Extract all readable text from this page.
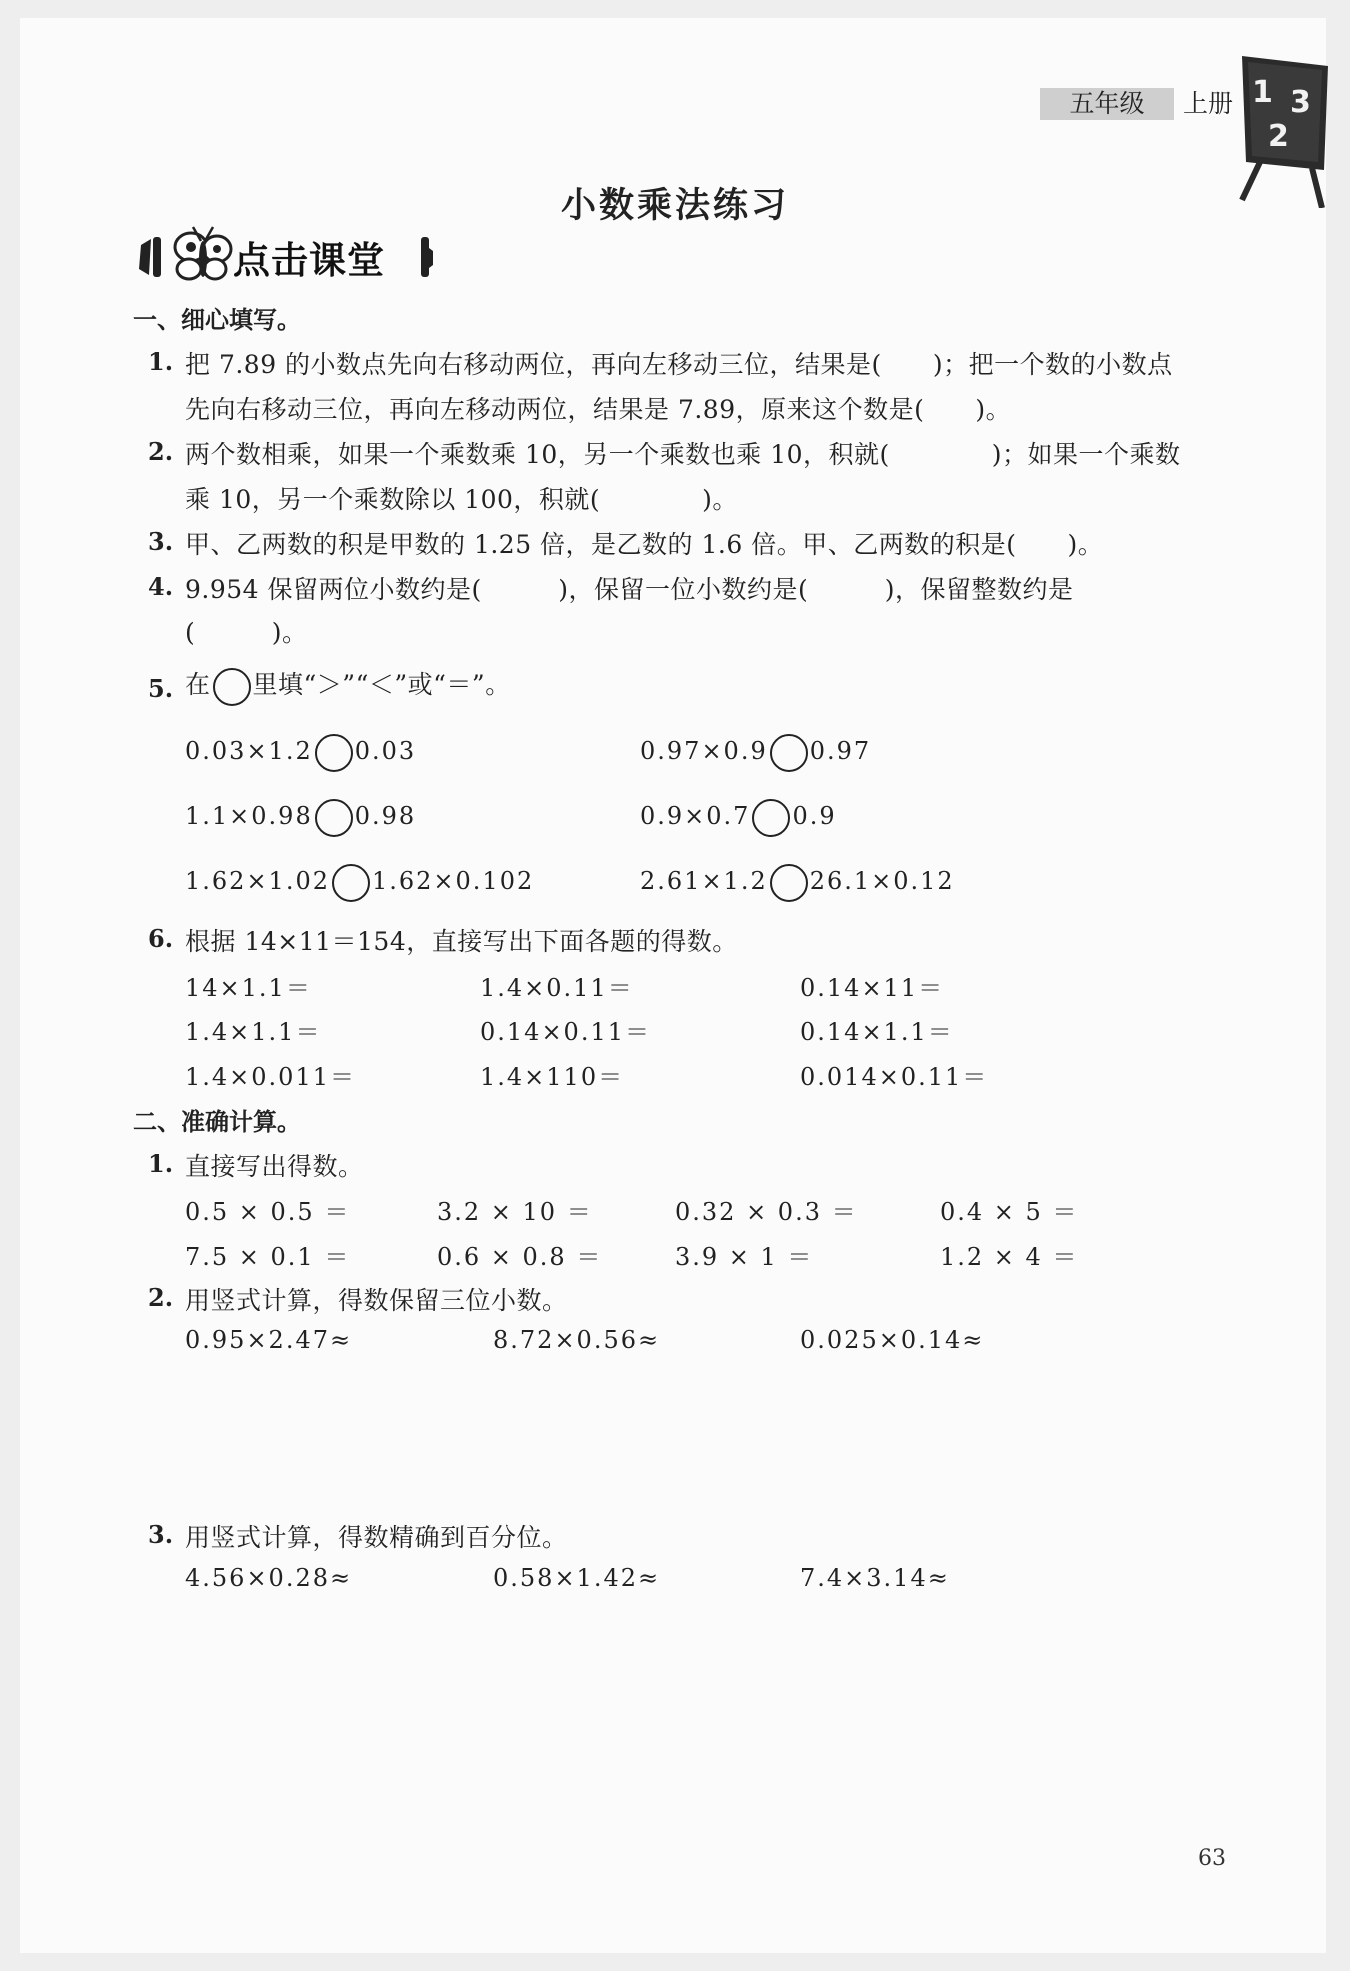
五年级	上册 1 3
2
小数乘法练习
点击课堂
一、细心填写。
1. 把 7.89 的小数点先向右移动两位，再向左移动三位，结果是(　　)；把一个数的小数点
先向右移动三位，再向左移动两位，结果是 7.89，原来这个数是(　　)。
2. 两个数相乘，如果一个乘数乘 10，另一个乘数也乘 10，积就(　　　　)；如果一个乘数
乘 10，另一个乘数除以 100，积就(　　　　)。
3. 甲、乙两数的积是甲数的 1.25 倍，是乙数的 1.6 倍。甲、乙两数的积是(　　)。
4. 9.954 保留两位小数约是(　　　)，保留一位小数约是(　　　)，保留整数约是
(　　　)。
5. 在 里填“＞”“＜”或“＝”。
0.03×1.2 0.03	0.97×0.9 0.97
1.1×0.98 0.98	0.9×0.7 0.9
1.62×1.02 1.62×0.102	2.61×1.2 26.1×0.12
6. 根据 14×11＝154，直接写出下面各题的得数。
14×1.1＝	1.4×0.11＝	0.14×11＝
1.4×1.1＝	0.14×0.11＝	0.14×1.1＝
1.4×0.011＝	1.4×110＝	0.014×0.11＝
二、准确计算。
1. 直接写出得数。
0.5 × 0.5 ＝	3.2 × 10 ＝	0.32 × 0.3 ＝	0.4 × 5 ＝
7.5 × 0.1 ＝	0.6 × 0.8 ＝	3.9 × 1 ＝	1.2 × 4 ＝
2. 用竖式计算，得数保留三位小数。
0.95×2.47≈	8.72×0.56≈	0.025×0.14≈
3. 用竖式计算，得数精确到百分位。
4.56×0.28≈	0.58×1.42≈	7.4×3.14≈
63
